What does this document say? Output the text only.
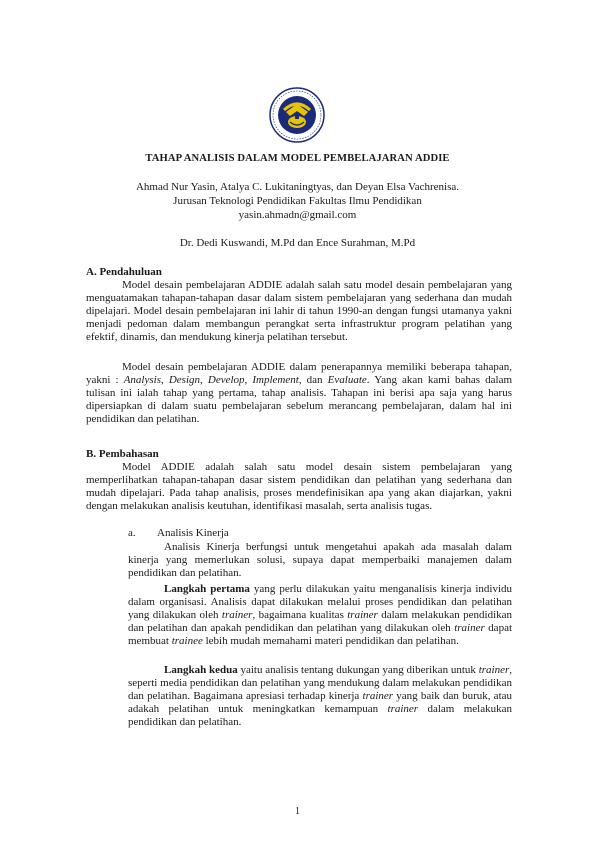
TAHAP ANALISIS DALAM MODEL PEMBELAJARAN ADDIE
Ahmad Nur Yasin, Atalya C. Lukitaningtyas, dan Deyan Elsa Vachrenisa.
Jurusan Teknologi Pendidikan Fakultas Ilmu Pendidikan
yasin.ahmadn@gmail.com
Dr. Dedi Kuswandi, M.Pd dan Ence Surahman, M.Pd
A. Pendahuluan

Model desain pembelajaran ADDIE adalah salah satu model desain pembelajaran yang menguatamakan tahapan-tahapan dasar dalam sistem pembelajaran yang sederhana dan mudah dipelajari. Model desain pembelajaran ini lahir di tahun 1990-an dengan fungsi utamanya yakni menjadi pedoman dalam membangun perangkat serta infrastruktur program pelatihan yang efektif, dinamis, dan mendukung kinerja pelatihan tersebut.

Model desain pembelajaran ADDIE dalam penerapannya memiliki beberapa tahapan, yakni : Analysis, Design, Develop, Implement, dan Evaluate. Yang akan kami bahas dalam tulisan ini ialah tahap yang pertama, tahap analisis. Tahapan ini berisi apa saja yang harus dipersiapkan di dalam suatu pembelajaran sebelum merancang pembelajaran, dalam hal ini pendidikan dan pelatihan.

B. Pembahasan

Model ADDIE adalah salah satu model desain sistem pembelajaran yang memperlihatkan tahapan-tahapan dasar sistem pendidikan dan pelatihan yang sederhana dan mudah dipelajari. Pada tahap analisis, proses mendefinisikan apa yang akan diajarkan, yakni dengan melakukan analisis keutuhan, identifikasi masalah, serta analisis tugas.

a. Analisis Kinerja

Analisis Kinerja berfungsi untuk mengetahui apakah ada masalah dalam kinerja yang memerlukan solusi, supaya dapat memperbaiki manajemen dalam pendidikan dan pelatihan.

Langkah pertama yang perlu dilakukan yaitu menganalisis kinerja individu dalam organisasi. Analisis dapat dilakukan melalui proses pendidikan dan pelatihan yang dilakukan oleh trainer, bagaimana kualitas trainer dalam melakukan pendidikan dan pelatihan dan apakah pendidikan dan pelatihan yang dilakukan oleh trainer dapat membuat trainee lebih mudah memahami materi pendidikan dan pelatihan.

Langkah kedua yaitu analisis tentang dukungan yang diberikan untuk trainer, seperti media pendidikan dan pelatihan yang mendukung dalam melakukan pendidikan dan pelatihan. Bagaimana apresiasi terhadap kinerja trainer yang baik dan buruk, atau adakah pelatihan untuk meningkatkan kemampuan trainer dalam melakukan pendidikan dan pelatihan.

1
